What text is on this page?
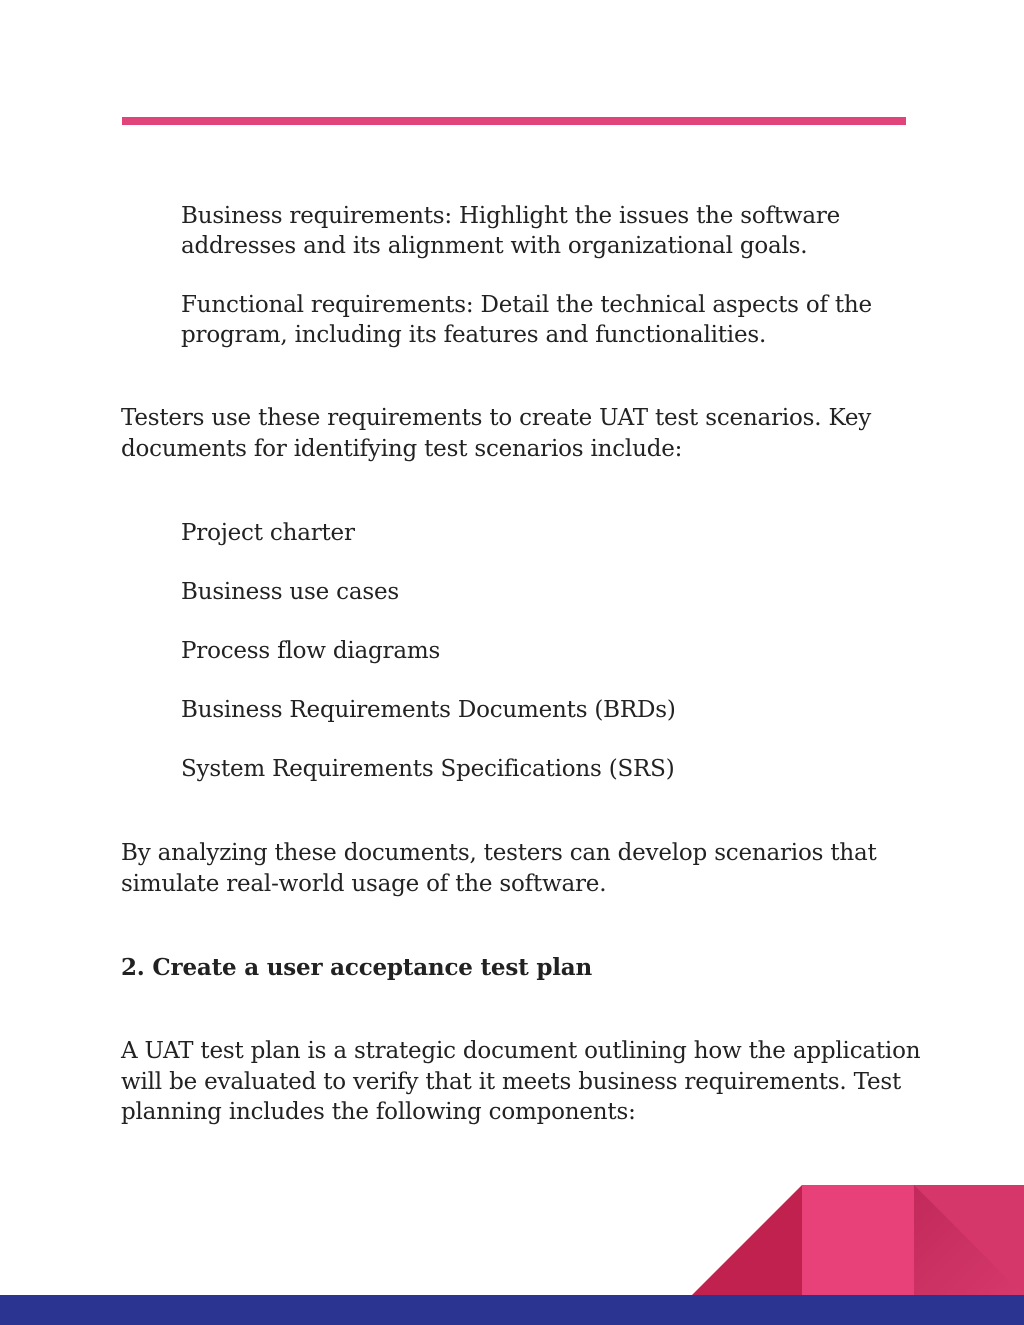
Business requirements: Highlight the issues the software

addresses and its alignment with organizational goals.

Functional requirements: Detail the technical aspects of the

program, including its features and functionalities.

Testers use these requirements to create UAT test scenarios. Key

documents for identifying test scenarios include:

Project charter

Business use cases

Process flow diagrams

Business Requirements Documents (BRDs)

System Requirements Specifications (SRS)

By analyzing these documents, testers can develop scenarios that

simulate real-world usage of the software.

2. Create a user acceptance test plan

A UAT test plan is a strategic document outlining how the application

will be evaluated to verify that it meets business requirements. Test

planning includes the following components:
